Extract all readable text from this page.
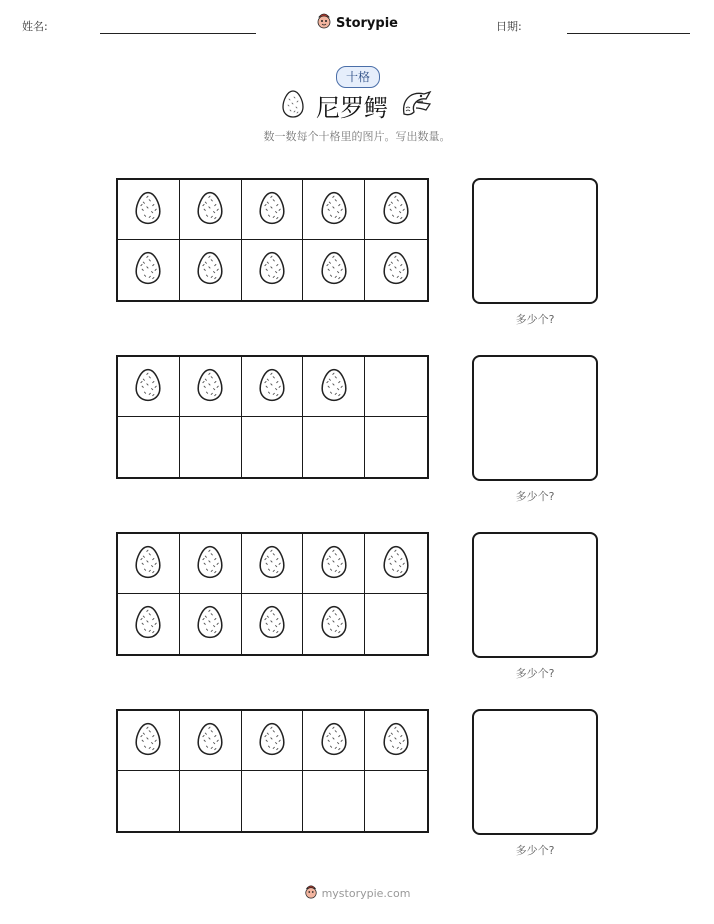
姓名:	Storypie	日期:
十格
尼罗鳄
数一数每个十格里的图片。写出数量。
多少个?
多少个?
多少个?
多少个?
mystorypie.com
